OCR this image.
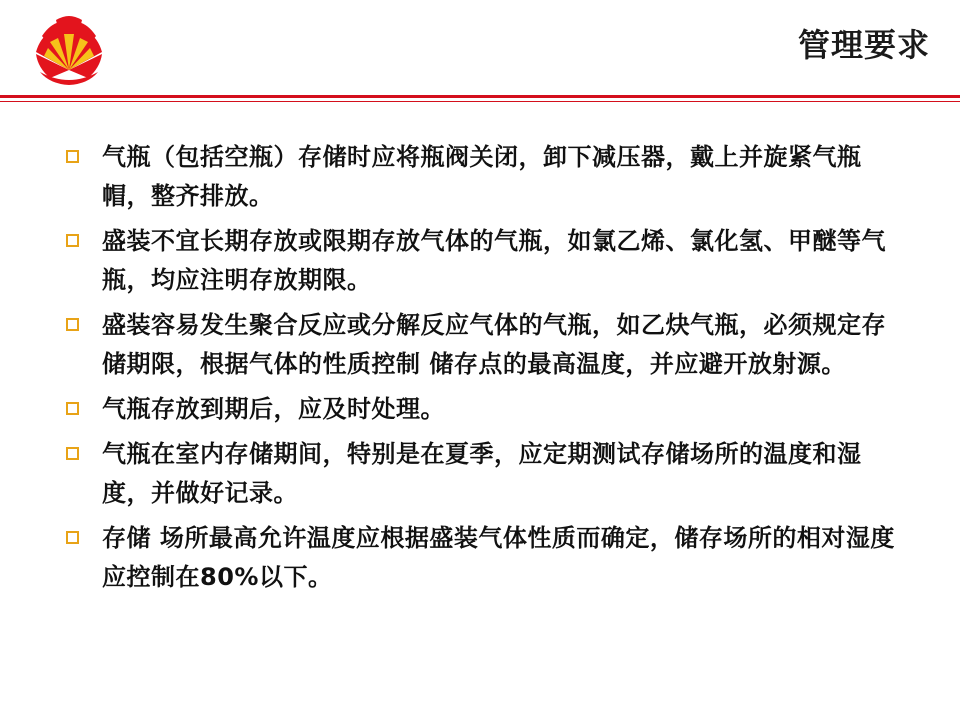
管理要求
气瓶（包括空瓶）存储时应将瓶阀关闭，卸下减压器，戴上并旋紧气瓶帽，整齐排放。
盛装不宜长期存放或限期存放气体的气瓶，如氯乙烯、氯化氢、甲醚等气瓶，均应注明存放期限。
盛装容易发生聚合反应或分解反应气体的气瓶，如乙炔气瓶，必须规定存储期限，根据气体的性质控制 储存点的最高温度，并应避开放射源。
气瓶存放到期后，应及时处理。
气瓶在室内存储期间，特别是在夏季，应定期测试存储场所的温度和湿度，并做好记录。
存储 场所最高允许温度应根据盛装气体性质而确定，储存场所的相对湿度应控制在80%以下。
